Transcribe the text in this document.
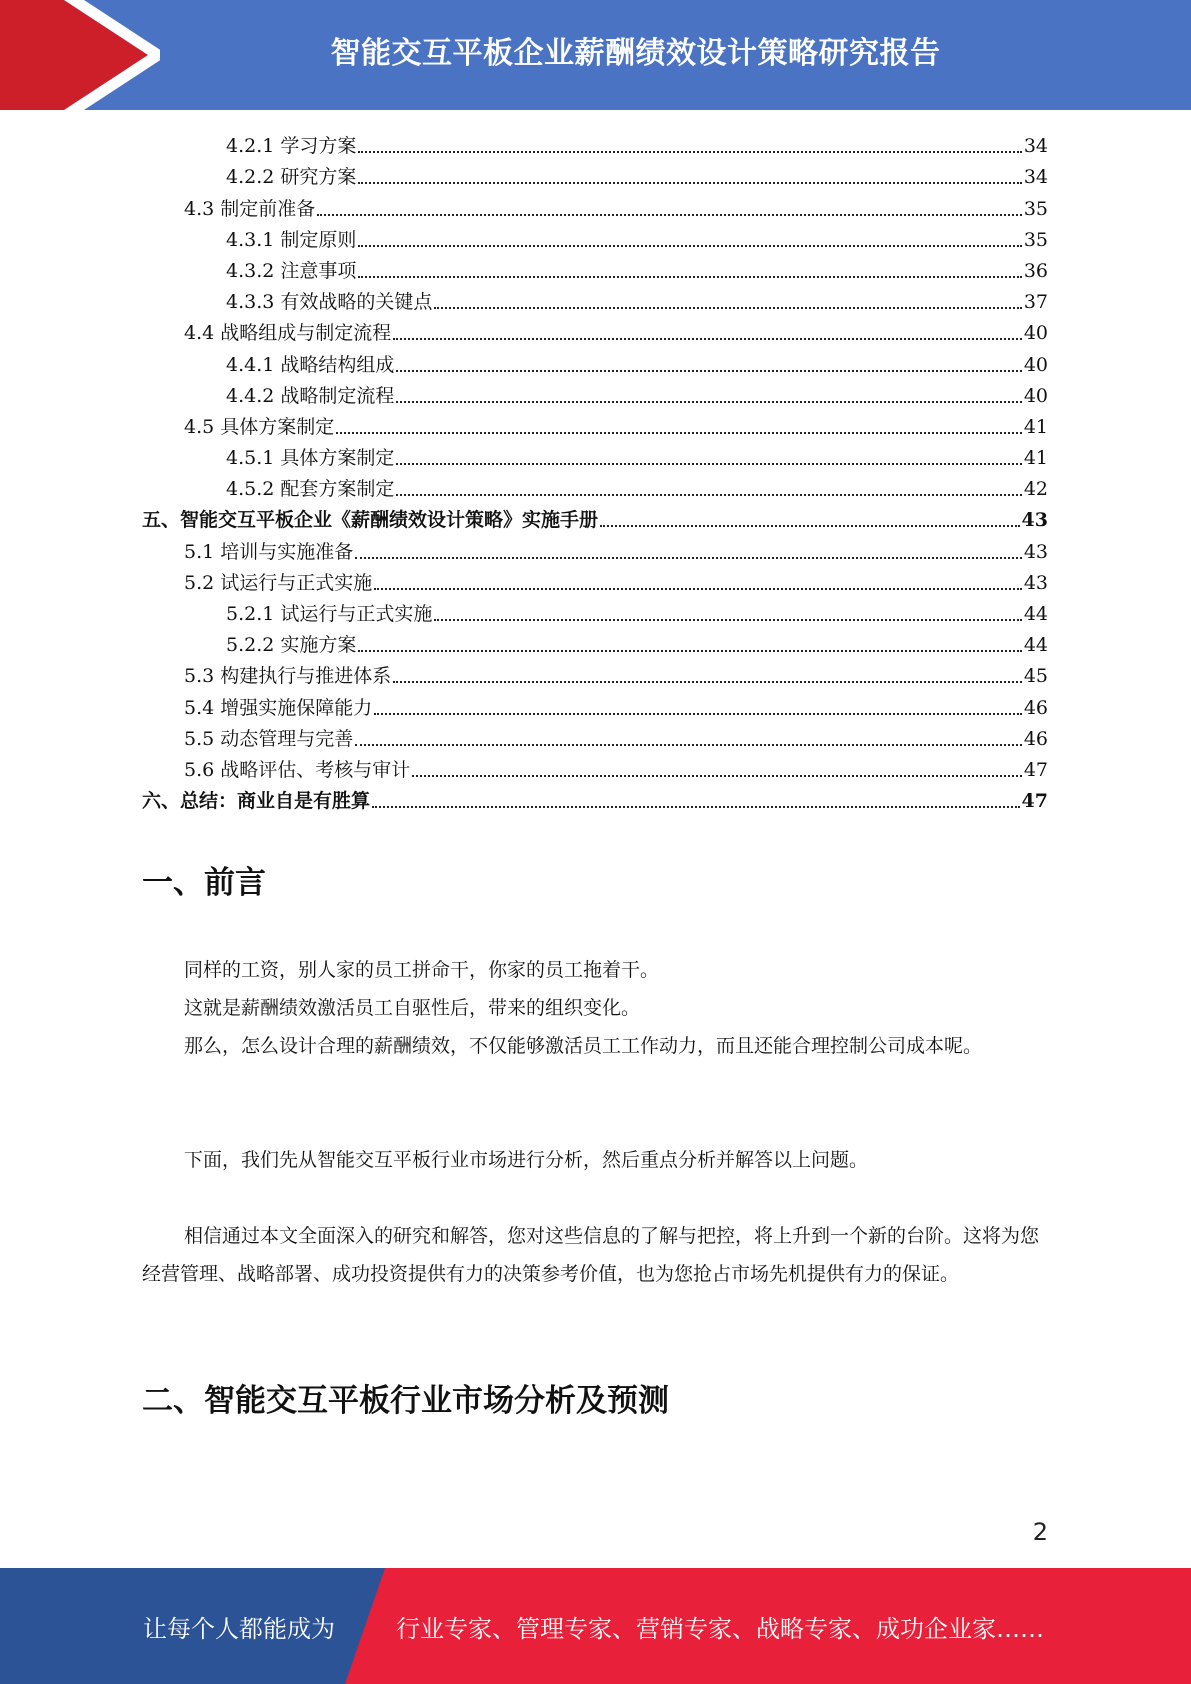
智能交互平板企业薪酬绩效设计策略研究报告
4.2.1 学习方案	34
4.2.2 研究方案	34
4.3 制定前准备	35
4.3.1 制定原则	35
4.3.2 注意事项	36
4.3.3 有效战略的关键点	37
4.4 战略组成与制定流程	40
4.4.1 战略结构组成	40
4.4.2 战略制定流程	40
4.5 具体方案制定	41
4.5.1 具体方案制定	41
4.5.2 配套方案制定	42
五、智能交互平板企业《薪酬绩效设计策略》实施手册	43
5.1 培训与实施准备	43
5.2 试运行与正式实施	43
5.2.1 试运行与正式实施	44
5.2.2 实施方案	44
5.3 构建执行与推进体系	45
5.4 增强实施保障能力	46
5.5 动态管理与完善	46
5.6 战略评估、考核与审计	47
六、总结：商业自是有胜算	47
一、前言

同样的工资，别人家的员工拼命干，你家的员工拖着干。

这就是薪酬绩效激活员工自驱性后，带来的组织变化。

那么，怎么设计合理的薪酬绩效，不仅能够激活员工工作动力，而且还能合理控制公司成本呢。

下面，我们先从智能交互平板行业市场进行分析，然后重点分析并解答以上问题。

相信通过本文全面深入的研究和解答，您对这些信息的了解与把控，将上升到一个新的台阶。这将为您经营管理、战略部署、成功投资提供有力的决策参考价值，也为您抢占市场先机提供有力的保证。

二、智能交互平板行业市场分析及预测
2
让每个人都能成为	行业专家、管理专家、营销专家、战略专家、成功企业家……
